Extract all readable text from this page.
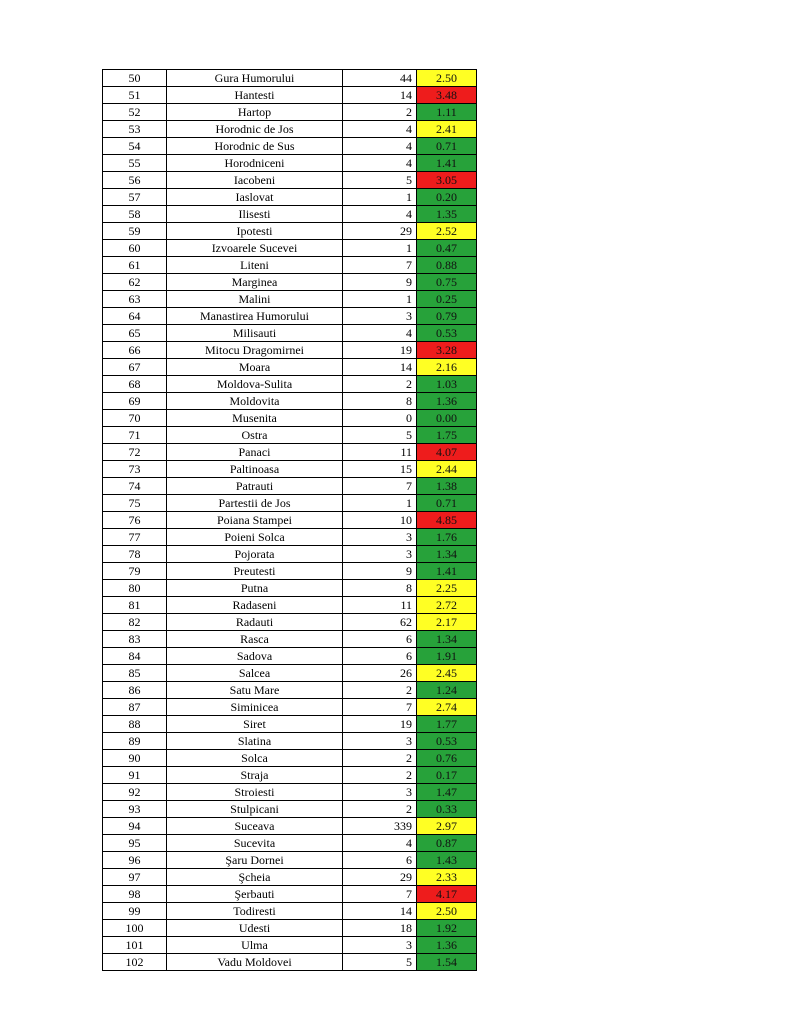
50	Gura Humorului	44	2.50
51	Hantesti	14	3.48
52	Hartop	2	1.11
53	Horodnic de Jos	4	2.41
54	Horodnic de Sus	4	0.71
55	Horodniceni	4	1.41
56	Iacobeni	5	3.05
57	Iaslovat	1	0.20
58	Ilisesti	4	1.35
59	Ipotesti	29	2.52
60	Izvoarele Sucevei	1	0.47
61	Liteni	7	0.88
62	Marginea	9	0.75
63	Malini	1	0.25
64	Manastirea Humorului	3	0.79
65	Milisauti	4	0.53
66	Mitocu Dragomirnei	19	3.28
67	Moara	14	2.16
68	Moldova-Sulita	2	1.03
69	Moldovita	8	1.36
70	Musenita	0	0.00
71	Ostra	5	1.75
72	Panaci	11	4.07
73	Paltinoasa	15	2.44
74	Patrauti	7	1.38
75	Partestii de Jos	1	0.71
76	Poiana Stampei	10	4.85
77	Poieni Solca	3	1.76
78	Pojorata	3	1.34
79	Preutesti	9	1.41
80	Putna	8	2.25
81	Radaseni	11	2.72
82	Radauti	62	2.17
83	Rasca	6	1.34
84	Sadova	6	1.91
85	Salcea	26	2.45
86	Satu Mare	2	1.24
87	Siminicea	7	2.74
88	Siret	19	1.77
89	Slatina	3	0.53
90	Solca	2	0.76
91	Straja	2	0.17
92	Stroiesti	3	1.47
93	Stulpicani	2	0.33
94	Suceava	339	2.97
95	Sucevita	4	0.87
96	Şaru Dornei	6	1.43
97	Şcheia	29	2.33
98	Şerbauti	7	4.17
99	Todiresti	14	2.50
100	Udesti	18	1.92
101	Ulma	3	1.36
102	Vadu Moldovei	5	1.54
